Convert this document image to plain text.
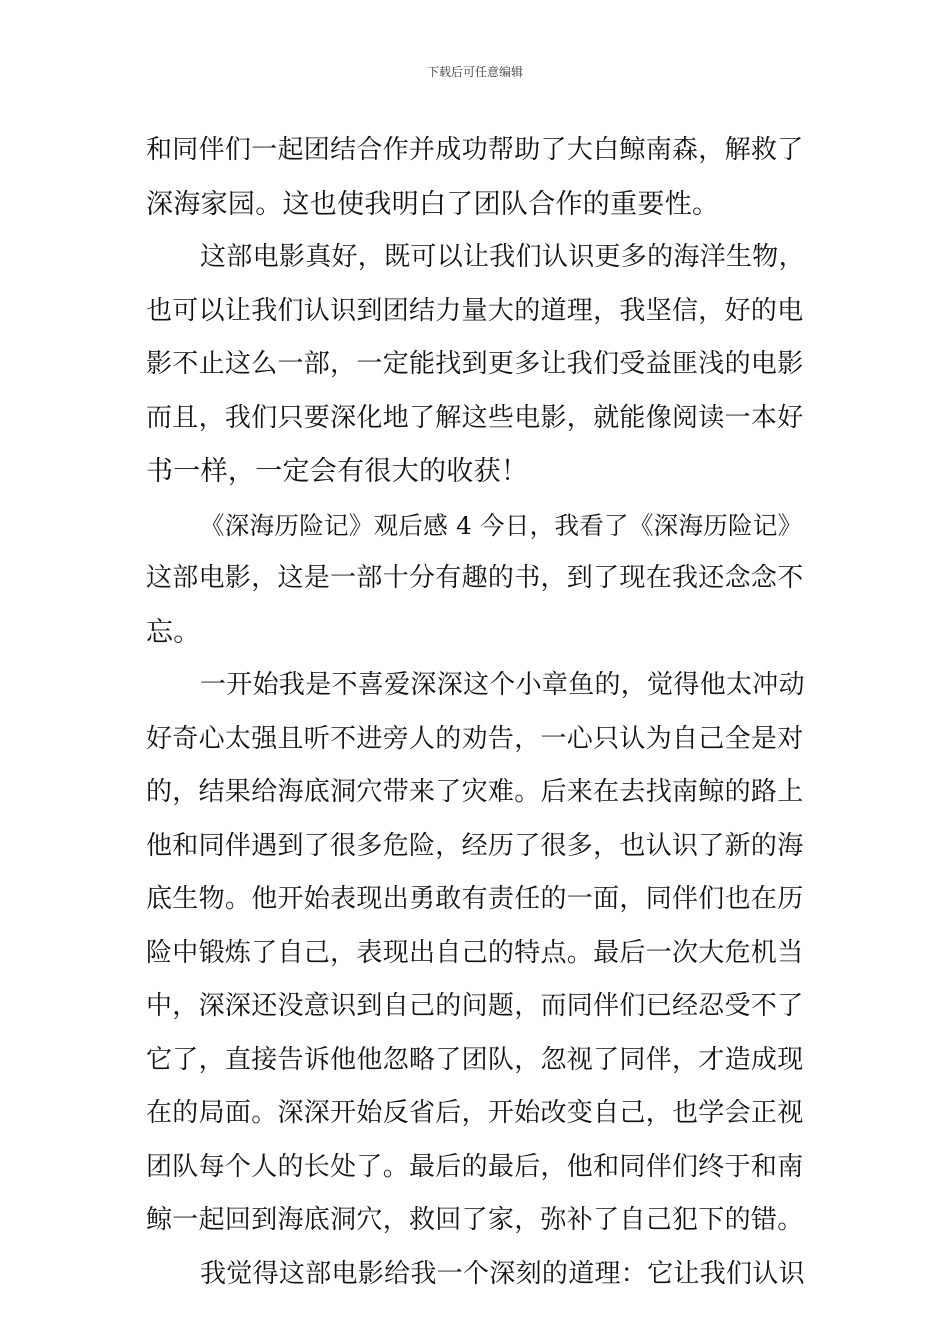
下载后可任意编辑
和同伴们一起团结合作并成功帮助了大白鲸南森，解救了
深海家园。这也使我明白了团队合作的重要性。
这部电影真好，既可以让我们认识更多的海洋生物，
也可以让我们认识到团结力量大的道理，我坚信，好的电
影不止这么一部，一定能找到更多让我们受益匪浅的电影
而且，我们只要深化地了解这些电影，就能像阅读一本好
书一样，一定会有很大的收获！
《深海历险记》观后感 4 今日，我看了《深海历险记》
这部电影，这是一部十分有趣的书，到了现在我还念念不
忘。
一开始我是不喜爱深深这个小章鱼的，觉得他太冲动
好奇心太强且听不进旁人的劝告，一心只认为自己全是对
的，结果给海底洞穴带来了灾难。后来在去找南鲸的路上
他和同伴遇到了很多危险，经历了很多，也认识了新的海
底生物。他开始表现出勇敢有责任的一面，同伴们也在历
险中锻炼了自己，表现出自己的特点。最后一次大危机当
中，深深还没意识到自己的问题，而同伴们已经忍受不了
它了，直接告诉他他忽略了团队，忽视了同伴，才造成现
在的局面。深深开始反省后，开始改变自己，也学会正视
团队每个人的长处了。最后的最后，他和同伴们终于和南
鲸一起回到海底洞穴，救回了家，弥补了自己犯下的错。
我觉得这部电影给我一个深刻的道理：它让我们认识
